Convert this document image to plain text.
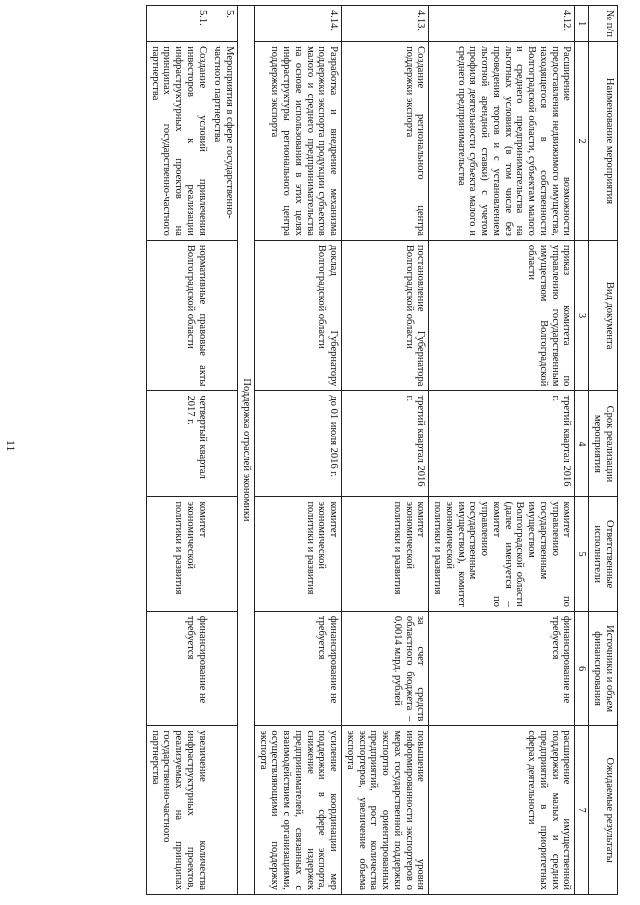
11
№ п/п	Наименование мероприятия	Вид документа	Срок реализации мероприятия	Ответственные исполнители	Источники и объем финансирования	Ожидаемые результаты
1	2	3	4	5	6	7
4.12.	Расширение возможности предоставления недвижимого имущества, находящегося в собственности Волгоградской области, субъектам малого и среднего предпринимательства на льготных условиях (в том числе без проведения торгов и с установлением льготной арендной ставки) с учетом профиля деятельности субъекта малого и среднего предпринимательства	приказ комитета по управлению государственным имуществом Волгоградской области	третий квартал 2016 г.	комитет по управлению государственным имуществом Волгоградской области (далее именуется – комитет по управлению государственным имуществом), комитет экономической политики и развития	финансирование не требуется	расширение имущественной поддержки малых и средних предприятий в приоритетных сферах деятельности
4.13.	Создание регионального центра поддержки экспорта	постановление Губернатора Волгоградской области	третий квартал 2016 г.	комитет экономической политики и развития	за счет средств областного бюджета – 0,0014 млрд. рублей	повышение уровня информированности экспортеров о мерах государственной поддержки экспортно ориентированных предприятий, рост количества экспортеров, увеличение объема экспорта
4.14.	Разработка и внедрение механизма поддержки экспорта продукции субъектов малого и среднего предпринимательства на основе использования в этих целях инфраструктуры регионального центра поддержки экспорта	доклад Губернатору Волгоградской области	до 01 июля 2016 г.	комитет экономической политики и развития	финансирование не требуется	усиление координации мер поддержки в сфере экспорта, снижение издержек предпринимателей, связанных с взаимодействием с организациями, осуществляющими поддержку экспорта
Поддержка отраслей экономики						
5.	Мероприятия в сфере государственно-частного партнерства					
5.1.	Создание условий привлечения инвесторов к реализации инфраструктурных проектов на принципах государственно-частного партнерства	нормативные правовые акты Волгоградской области	четвертый квартал 2017 г.	комитет экономической политики и развития	финансирование не требуется	увеличение количества инфраструктурных проектов, реализуемых на принципах государственно-частного партнерства
